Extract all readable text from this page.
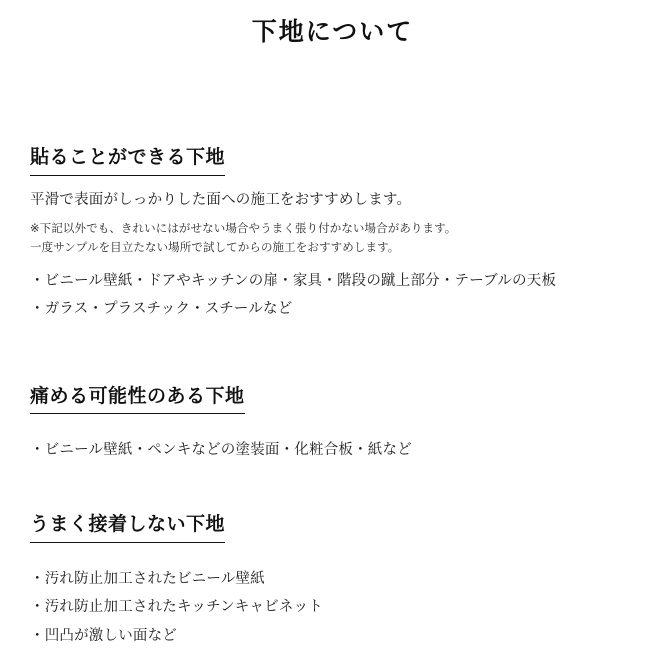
下地について
貼ることができる下地

平滑で表面がしっかりした面への施工をおすすめします。

※下記以外でも、きれいにはがせない場合やうまく張り付かない場合があります。

一度サンプルを目立たない場所で試してからの施工をおすすめします。

・ビニール壁紙・ドアやキッチンの扉・家具・階段の蹴上部分・テーブルの天板
・ガラス・プラスチック・スチールなど
痛める可能性のある下地
・ビニール壁紙・ペンキなどの塗装面・化粧合板・紙など
うまく接着しない下地
・汚れ防止加工されたビニール壁紙
・汚れ防止加工されたキッチンキャビネット
・凹凸が激しい面など
